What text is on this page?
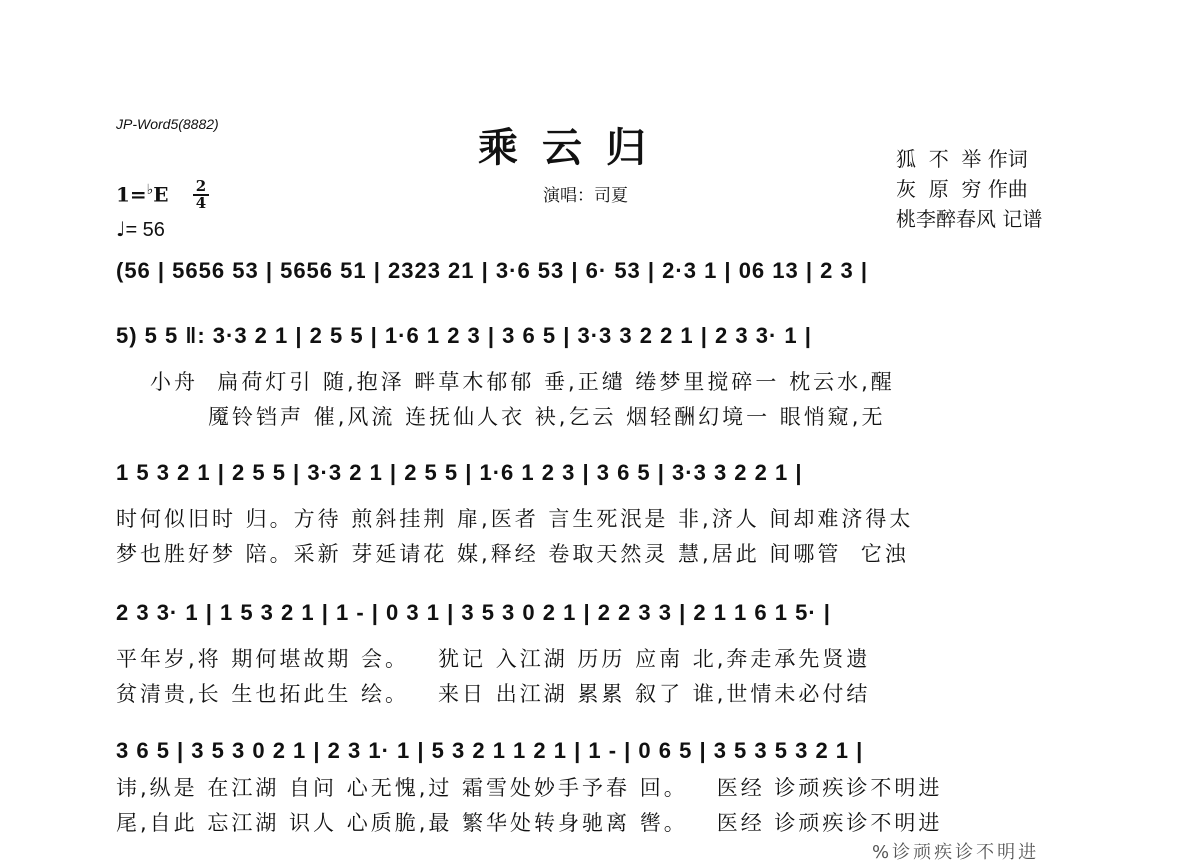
JP-Word5(8882)	乘云归
演唱：司夏
狐  不  举 作词
灰  原  穷 作曲
桃李醉春风 记谱
1=♭E 2
4
♩= 56
(56 | 5656 53 | 5656 51 | 2323 21 | 3·6 53 | 6· 53 | 2·3 1 | 06 13 | 2 3 |
5) 5 5 ‖: 3·3 2 1 | 2 5 5 | 1·6 1 2 3 | 3 6 5 | 3·3 3 2 2 1 | 2 3 3· 1 |
小舟  扁荷灯引 随,抱泽 畔草木郁郁 垂,正缱 绻梦里搅碎一 枕云水,醒
魇铃铛声 催,风流 连抚仙人衣 袂,乞云 烟轻酬幻境一 眼悄窥,无
1 5 3 2 1 | 2 5 5 | 3·3 2 1 | 2 5 5 | 1·6 1 2 3 | 3 6 5 | 3·3 3 2 2 1 |
时何似旧时 归。方待 煎斜挂荆 扉,医者 言生死泯是 非,济人 间却难济得太
梦也胜好梦 陪。采新 芽延请花 媒,释经 卷取天然灵 慧,居此 间哪管  它浊
2 3 3· 1 | 1 5 3 2 1 | 1 - | 0 3 1 | 3 5 3 0 2 1 | 2 2 3 3 | 2 1 1 6 1 5· |
平年岁,将 期何堪故期 会。   犹记 入江湖 历历 应南 北,奔走承先贤遗
贫清贵,长 生也拓此生 绘。   来日 出江湖 累累 叙了 谁,世情未必付结
3 6 5 | 3 5 3 0 2 1 | 2 3 1· 1 | 5 3 2 1 1 2 1 | 1 - | 0 6 5 | 3 5 3 5 3 2 1 |
讳,纵是 在江湖 自问 心无愧,过 霜雪处妙手予春 回。   医经 诊顽疾诊不明进
尾,自此 忘江湖 识人 心质脆,最 繁华处转身驰离 辔。   医经 诊顽疾诊不明进
%诊顽疾诊不明进
